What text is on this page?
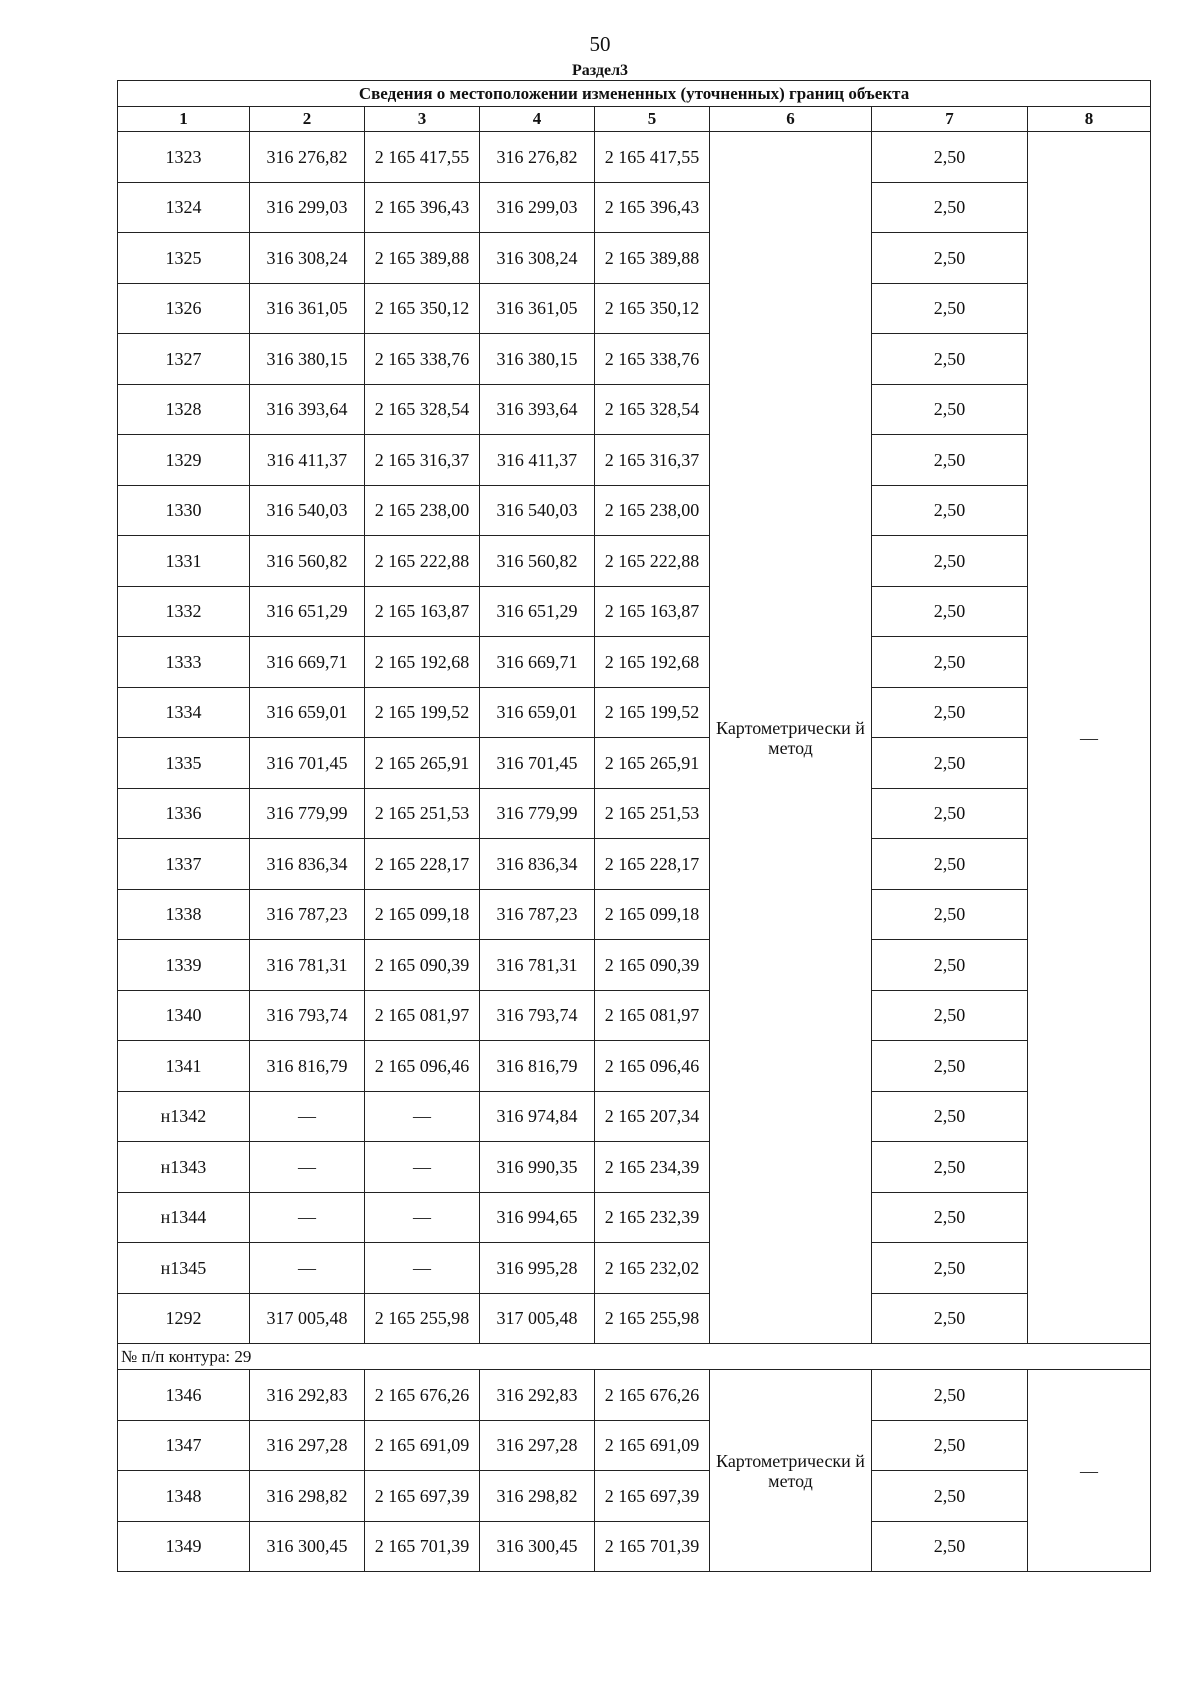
50
Раздел3
Сведения о местоположении измененных (уточненных) границ объекта							
1	2	3	4	5	6	7	8
1323	316 276,82	2 165 417,55	316 276,82	2 165 417,55	Картометрически й метод	2,50	—
1324	316 299,03	2 165 396,43	316 299,03	2 165 396,43		2,50	
1325	316 308,24	2 165 389,88	316 308,24	2 165 389,88		2,50	
1326	316 361,05	2 165 350,12	316 361,05	2 165 350,12		2,50	
1327	316 380,15	2 165 338,76	316 380,15	2 165 338,76		2,50	
1328	316 393,64	2 165 328,54	316 393,64	2 165 328,54		2,50	
1329	316 411,37	2 165 316,37	316 411,37	2 165 316,37		2,50	
1330	316 540,03	2 165 238,00	316 540,03	2 165 238,00		2,50	
1331	316 560,82	2 165 222,88	316 560,82	2 165 222,88		2,50	
1332	316 651,29	2 165 163,87	316 651,29	2 165 163,87		2,50	
1333	316 669,71	2 165 192,68	316 669,71	2 165 192,68		2,50	
1334	316 659,01	2 165 199,52	316 659,01	2 165 199,52		2,50	
1335	316 701,45	2 165 265,91	316 701,45	2 165 265,91		2,50	
1336	316 779,99	2 165 251,53	316 779,99	2 165 251,53		2,50	
1337	316 836,34	2 165 228,17	316 836,34	2 165 228,17		2,50	
1338	316 787,23	2 165 099,18	316 787,23	2 165 099,18		2,50	
1339	316 781,31	2 165 090,39	316 781,31	2 165 090,39		2,50	
1340	316 793,74	2 165 081,97	316 793,74	2 165 081,97		2,50	
1341	316 816,79	2 165 096,46	316 816,79	2 165 096,46		2,50	
н1342	—	—	316 974,84	2 165 207,34		2,50	
н1343	—	—	316 990,35	2 165 234,39		2,50	
н1344	—	—	316 994,65	2 165 232,39		2,50	
н1345	—	—	316 995,28	2 165 232,02		2,50	
1292	317 005,48	2 165 255,98	317 005,48	2 165 255,98		2,50	
№ п/п контура: 29							
1346	316 292,83	2 165 676,26	316 292,83	2 165 676,26	Картометрически й метод	2,50	—
1347	316 297,28	2 165 691,09	316 297,28	2 165 691,09		2,50	
1348	316 298,82	2 165 697,39	316 298,82	2 165 697,39		2,50	
1349	316 300,45	2 165 701,39	316 300,45	2 165 701,39		2,50	
